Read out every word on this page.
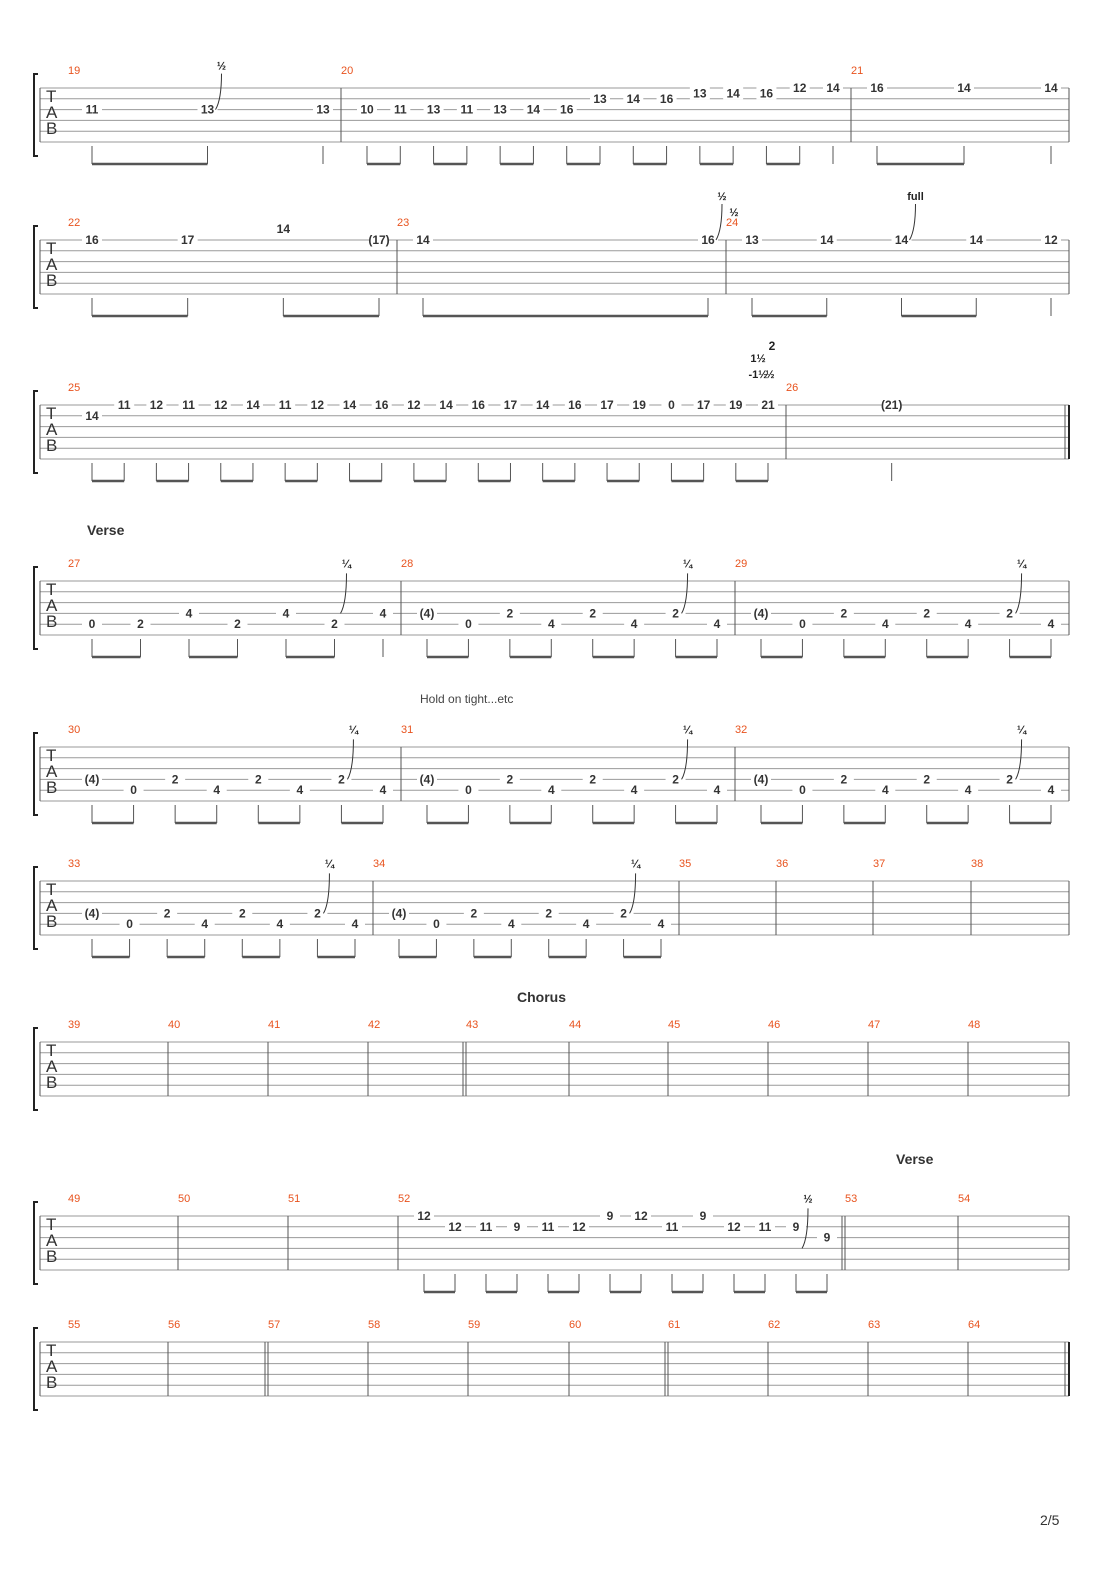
T
A
B
19
11	13
½
13
20
10 11 13 11 13 14 16
13 14 16 13 14 16 12 14
21
16	14	14
T
A
B
22
16	17
14
(17)
23
14	16
½
½
24
13	14	14
full
14	12
T
A
B
25
14
11 12 11 12 14 11 12 14 16 12 14 16 17 14 16 17 19 0 17 19 21
26
(21)
2
1½
-1½
½
T
A
B
Verse
27
0	2
4
2
4
2
4
¼	28
(4)
0
2
4
2
4
2
4
¼	29
(4)
0
2
4
2
4
2
4
¼
T
A
B
Hold on tight...etc
30
(4)
0
2
4
2
4
2
4
¼	31
(4)
0
2
4
2
4
2
4
¼	32
(4)
0
2
4
2
4
2
4
¼
T
A
B
33
(4)
0
2
4
2
4
2
4
¼	34
(4)
0
2
4
2
4
2
4
¼	35	36	37	38
T
A
B
Chorus
39	40	41	42	43	44	45	46	47	48
T
A
B
Verse
49	50	51	52
12
12 11 9 11 12
9 12
11
9
12 11 9
9
½	53	54
T
A
B
55	56	57	58	59	60	61	62	63	64
2/5
